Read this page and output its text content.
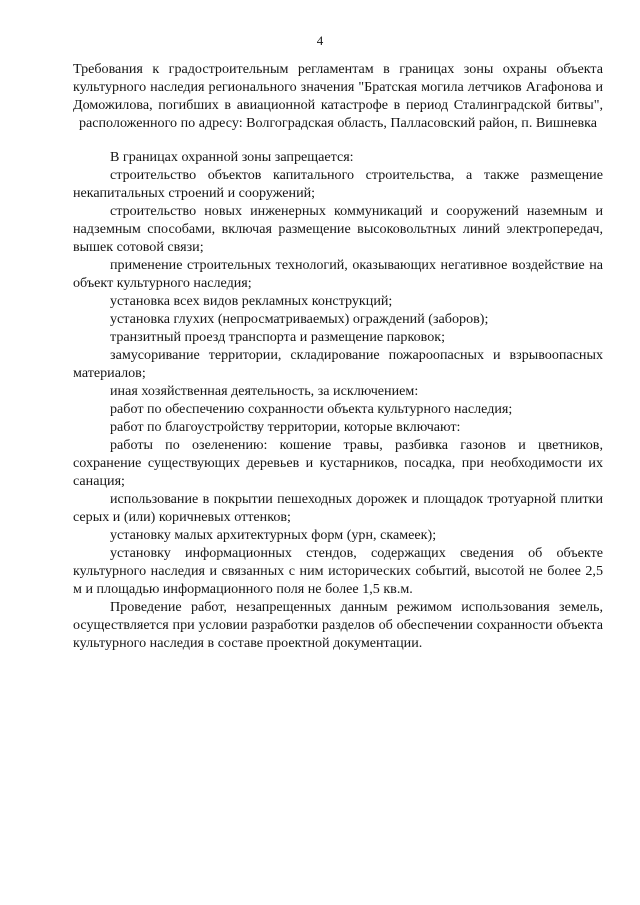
4

Требования к градостроительным регламентам в границах зоны охраны объекта культурного наследия регионального значения "Братская могила летчиков Агафонова и Доможилова, погибших в авиационной катастрофе в период Сталинградской битвы", расположенного по адресу: Волгоградская область, Палласовский район, п. Вишневка

В границах охранной зоны запрещается:

строительство объектов капитального строительства, а также размещение некапитальных строений и сооружений;

строительство новых инженерных коммуникаций и сооружений наземным и надземным способами, включая размещение высоковольтных линий электропередач, вышек сотовой связи;

применение строительных технологий, оказывающих негативное воздействие на объект культурного наследия;

установка всех видов рекламных конструкций;

установка глухих (непросматриваемых) ограждений (заборов);

транзитный проезд транспорта и размещение парковок;

замусоривание территории, складирование пожароопасных и взрывоопасных материалов;

иная хозяйственная деятельность, за исключением:

работ по обеспечению сохранности объекта культурного наследия;

работ по благоустройству территории, которые включают:

работы по озеленению: кошение травы, разбивка газонов и цветников, сохранение существующих деревьев и кустарников, посадка, при необходимости их санация;

использование в покрытии пешеходных дорожек и площадок тротуарной плитки серых и (или) коричневых оттенков;

установку малых архитектурных форм (урн, скамеек);

установку информационных стендов, содержащих сведения об объекте культурного наследия и связанных с ним исторических событий, высотой не более 2,5 м и площадью информационного поля не более 1,5 кв.м.

Проведение работ, незапрещенных данным режимом использования земель, осуществляется при условии разработки разделов об обеспечении сохранности объекта культурного наследия в составе проектной документации.
